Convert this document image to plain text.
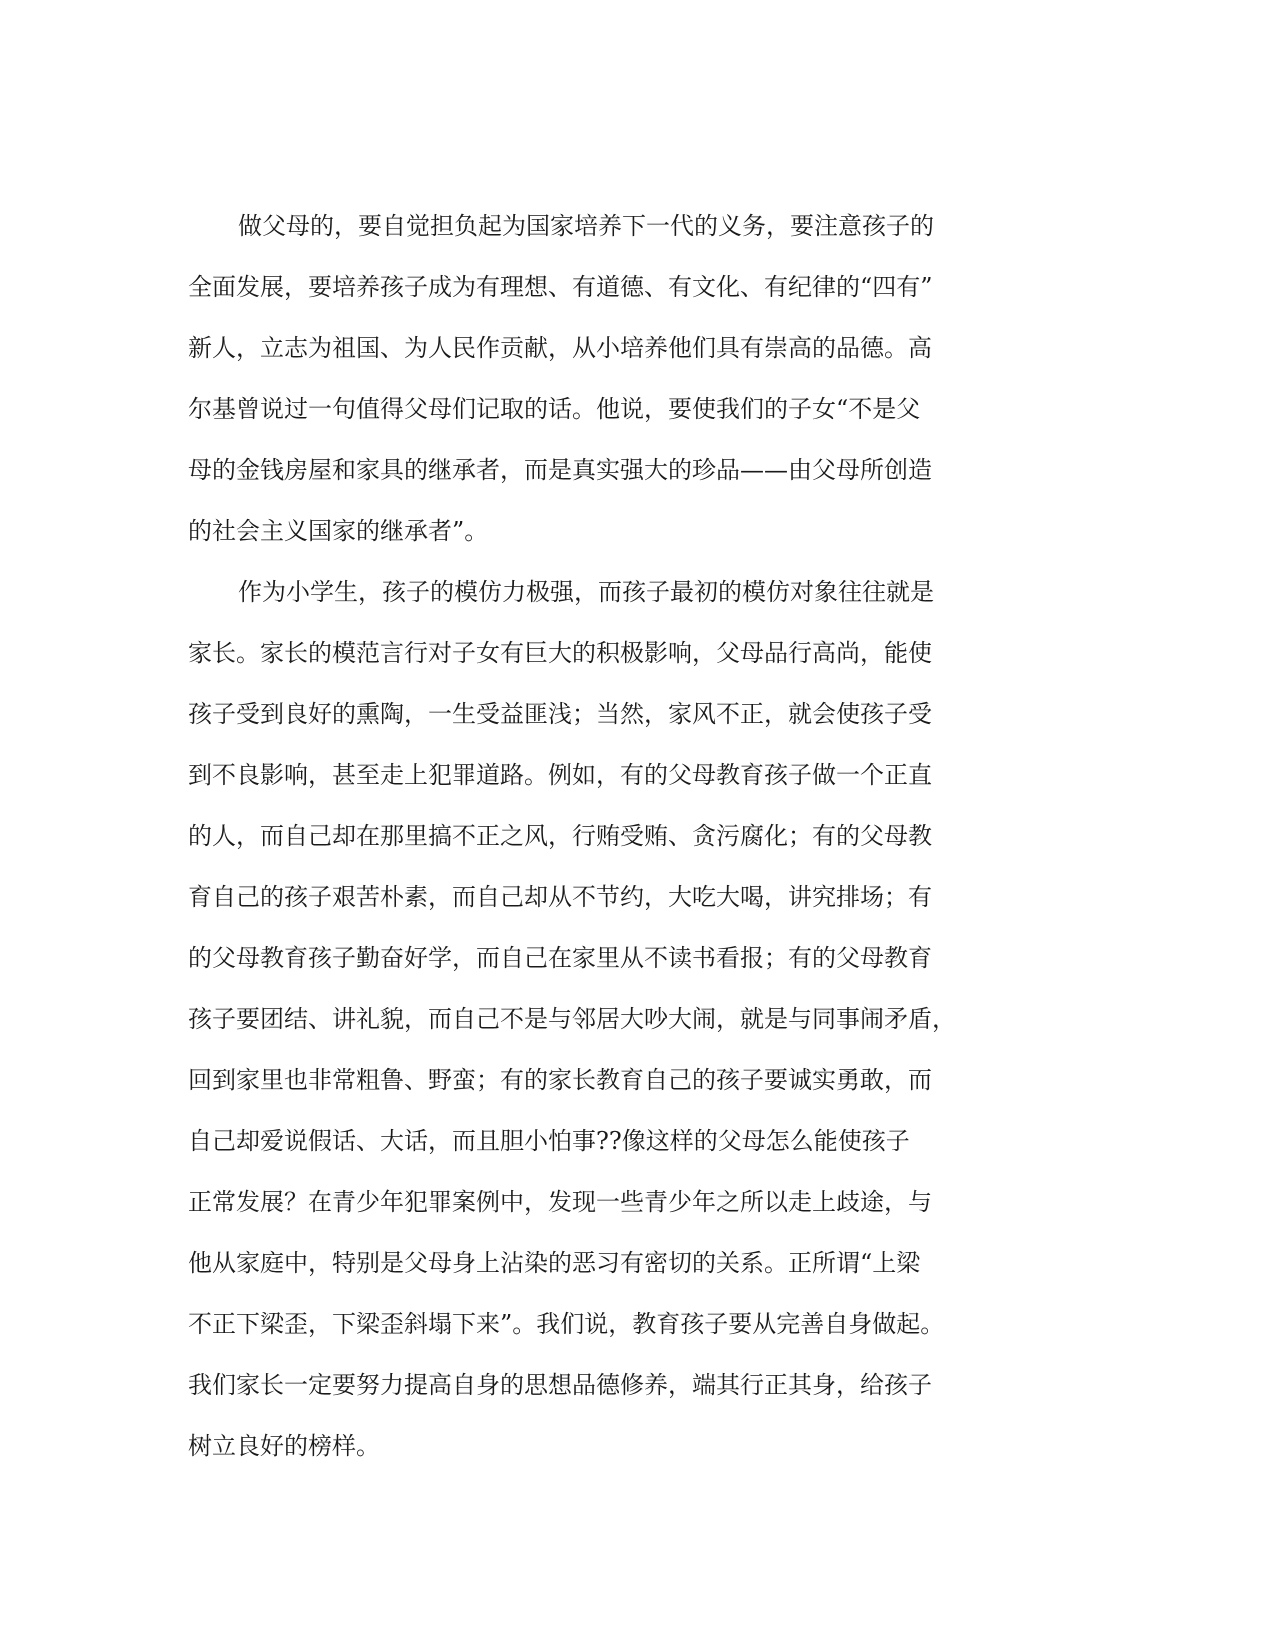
做父母的，要自觉担负起为国家培养下一代的义务，要注意孩子的
全面发展，要培养孩子成为有理想、有道德、有文化、有纪律的“四有”
新人，立志为祖国、为人民作贡献，从小培养他们具有崇高的品德。高
尔基曾说过一句值得父母们记取的话。他说，要使我们的子女“不是父
母的金钱房屋和家具的继承者，而是真实强大的珍品——由父母所创造
的社会主义国家的继承者”。
作为小学生，孩子的模仿力极强，而孩子最初的模仿对象往往就是
家长。家长的模范言行对子女有巨大的积极影响，父母品行高尚，能使
孩子受到良好的熏陶，一生受益匪浅；当然，家风不正，就会使孩子受
到不良影响，甚至走上犯罪道路。例如，有的父母教育孩子做一个正直
的人，而自己却在那里搞不正之风，行贿受贿、贪污腐化；有的父母教
育自己的孩子艰苦朴素，而自己却从不节约，大吃大喝，讲究排场；有
的父母教育孩子勤奋好学，而自己在家里从不读书看报；有的父母教育
孩子要团结、讲礼貌，而自己不是与邻居大吵大闹，就是与同事闹矛盾，
回到家里也非常粗鲁、野蛮；有的家长教育自己的孩子要诚实勇敢，而
自己却爱说假话、大话，而且胆小怕事??像这样的父母怎么能使孩子
正常发展？在青少年犯罪案例中，发现一些青少年之所以走上歧途，与
他从家庭中，特别是父母身上沾染的恶习有密切的关系。正所谓“上梁
不正下梁歪，下梁歪斜塌下来”。我们说，教育孩子要从完善自身做起。
我们家长一定要努力提高自身的思想品德修养，端其行正其身，给孩子
树立良好的榜样。
